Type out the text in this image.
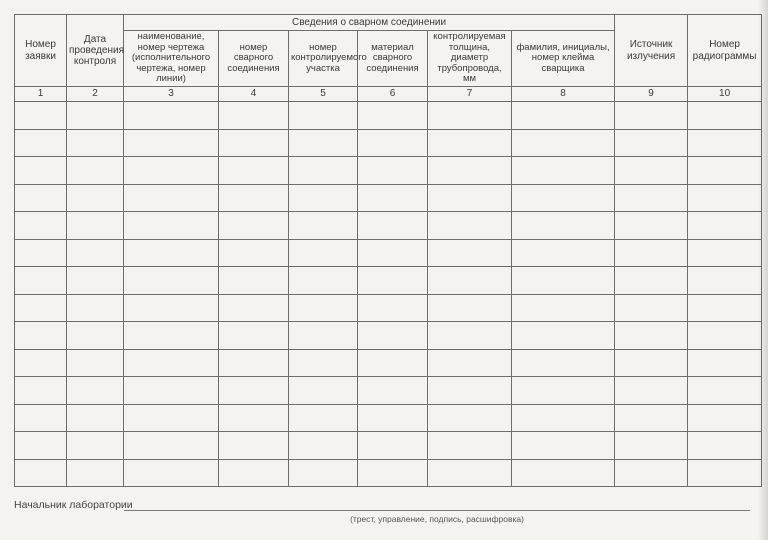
Номер заявки	Дата проведения контроля	Сведения о сварном соединении						Источник излучения	Номер радиограммы
		наименование, номер чертежа (исполнительного чертежа, номер линии)	номер сварного соединения	номер контролируемого участка	материал сварного соединения	контролируемая толщина, диаметр трубопровода, мм	фамилия, инициалы, номер клейма сварщика		
1	2	3	4	5	6	7	8	9	10

Начальник лаборатории
(трест, управление, подпись, расшифровка)
